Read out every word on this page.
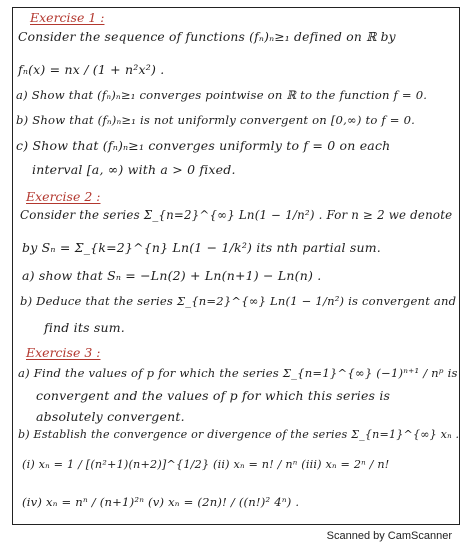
Exercise 1 :
Consider the sequence of functions (fₙ)ₙ≥₁ defined on ℝ by
fₙ(x) = nx / (1 + n²x²) .
a) Show that (fₙ)ₙ≥₁ converges pointwise on ℝ to the function f = 0.
b) Show that (fₙ)ₙ≥₁ is not uniformly convergent on [0,∞) to f = 0.
c) Show that (fₙ)ₙ≥₁ converges uniformly to f = 0 on each
interval [a, ∞) with a > 0 fixed.
Exercise 2 :
Consider the series Σ_{n=2}^{∞} Ln(1 − 1/n²) . For n ≥ 2 we denote
by Sₙ = Σ_{k=2}^{n} Ln(1 − 1/k²) its nth partial sum.
a) show that Sₙ = −Ln(2) + Ln(n+1) − Ln(n) .
b) Deduce that the series Σ_{n=2}^{∞} Ln(1 − 1/n²) is convergent and
find its sum.
Exercise 3 :
a) Find the values of p for which the series Σ_{n=1}^{∞} (−1)ⁿ⁺¹ / nᵖ is
convergent and the values of p for which this series is
absolutely convergent.
b) Establish the convergence or divergence of the series Σ_{n=1}^{∞} xₙ .
(i) xₙ = 1 / [(n²+1)(n+2)]^{1/2} (ii) xₙ = n! / nⁿ (iii) xₙ = 2ⁿ / n!
(iv) xₙ = nⁿ / (n+1)²ⁿ (v) xₙ = (2n)! / ((n!)² 4ⁿ) .
Scanned by CamScanner
